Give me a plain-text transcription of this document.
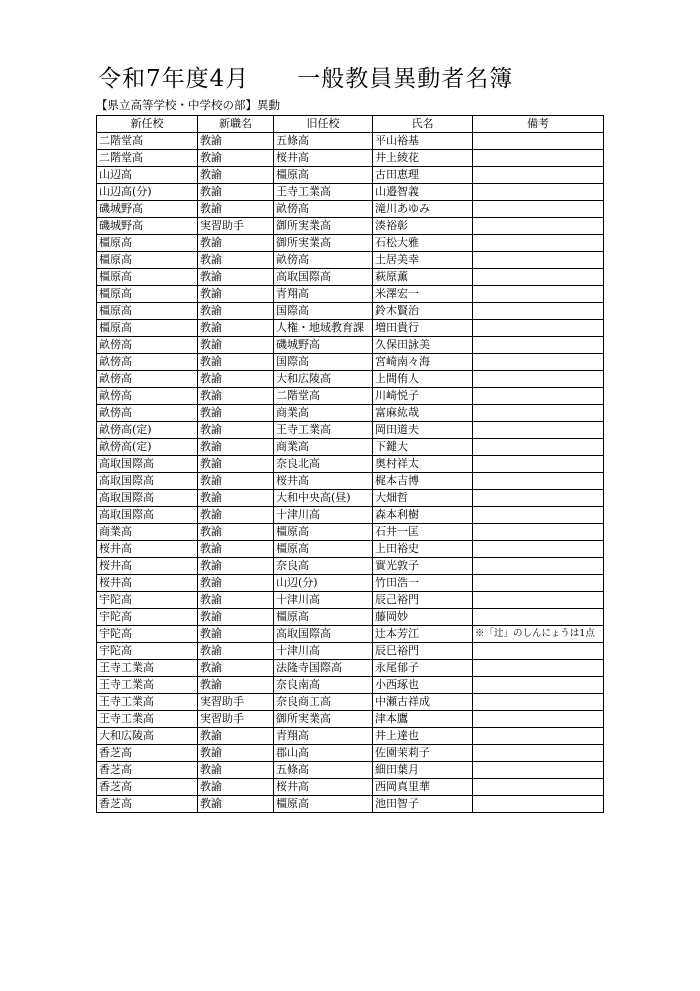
令和7年度4月　　一般教員異動者名簿
【県立高等学校・中学校の部】異動
新任校	新職名	旧任校	氏名	備考
二階堂高	教諭	五條高	平山裕基	
二階堂高	教諭	桜井高	井上綾花	
山辺高	教諭	橿原高	古田恵理	
山辺高(分)	教諭	王寺工業高	山邉智義	
磯城野高	教諭	畝傍高	滝川あゆみ	
磯城野高	実習助手	御所実業高	湊裕彰	
橿原高	教諭	御所実業高	石松大雅	
橿原高	教諭	畝傍高	土居美幸	
橿原高	教諭	高取国際高	萩原薫	
橿原高	教諭	青翔高	米澤宏一	
橿原高	教諭	国際高	鈴木賢治	
橿原高	教諭	人権・地域教育課	増田貴行	
畝傍高	教諭	磯城野高	久保田詠美	
畝傍高	教諭	国際高	宮崎南々海	
畝傍高	教諭	大和広陵高	上間侑人	
畝傍高	教諭	二階堂高	川崎悦子	
畝傍高	教諭	商業高	富麻紘哉	
畝傍高(定)	教諭	王寺工業高	岡田道夫	
畝傍高(定)	教諭	商業高	下鍵大	
高取国際高	教諭	奈良北高	奥村祥太	
高取国際高	教諭	桜井高	梶本吉博	
高取国際高	教諭	大和中央高(昼)	大畑哲	
高取国際高	教諭	十津川高	森本利樹	
商業高	教諭	橿原高	石井一匡	
桜井高	教諭	橿原高	上田裕史	
桜井高	教諭	奈良高	實光敦子	
桜井高	教諭	山辺(分)	竹田浩一	
宇陀高	教諭	十津川高	辰己裕門	
宇陀高	教諭	橿原高	藤岡妙	
宇陀高	教諭	高取国際高	辻本芳江	※「辻」のしんにょうは1点
宇陀高	教諭	十津川高	辰巳裕門	
王寺工業高	教諭	法隆寺国際高	永尾郁子	
王寺工業高	教諭	奈良南高	小西琢也	
王寺工業高	実習助手	奈良商工高	中瀬古祥成	
王寺工業高	実習助手	御所実業高	津本鷹	
大和広陵高	教諭	青翔高	井上達也	
香芝高	教諭	郡山高	佐園茉莉子	
香芝高	教諭	五條高	細田葉月	
香芝高	教諭	桜井高	西岡真里華	
香芝高	教諭	橿原高	池田智子	
